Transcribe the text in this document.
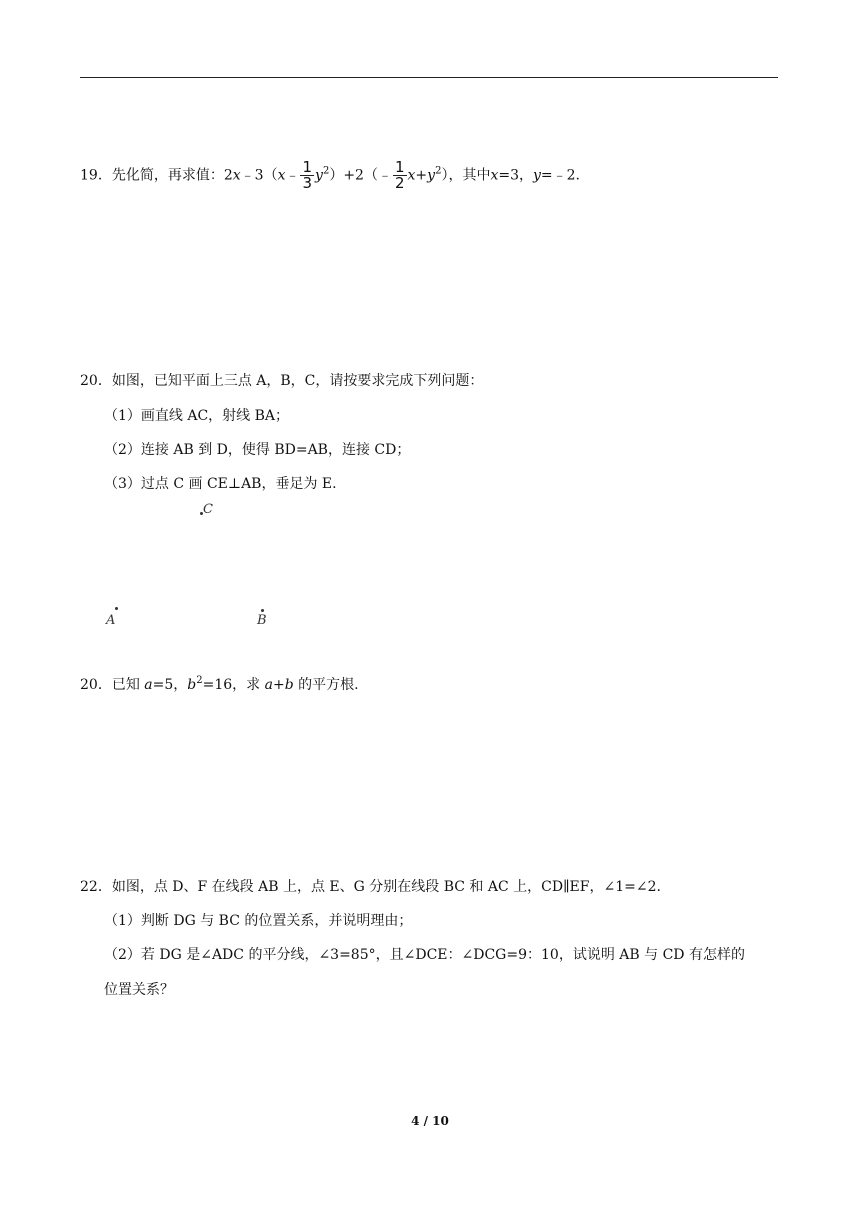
19．先化简，再求值：2x﹣3（x﹣ $\frac{1}{3}$ $y^2)+2(﹣ \frac{1}{2} x+y^2)$，其中x=3，y=﹣2.
20．如图，已知平面上三点 A，B，C，请按要求完成下列问题：
（1）画直线 AC，射线 BA；
（2）连接 AB 到 D，使得 BD=AB，连接 CD；
（3）过点 C 画 CE⊥AB，垂足为 E.
C
A	B
20．已知 a=5，$b^2=16$，求 a+b 的平方根.
22．如图，点 D、F 在线段 AB 上，点 E、G 分别在线段 BC 和 AC 上，CD∥EF，∠1=∠2.
（1）判断 DG 与 BC 的位置关系，并说明理由；
（2）若 DG 是∠ADC 的平分线，∠3=85°，且∠DCE：∠DCG=9：10，试说明 AB 与 CD 有怎样的
位置关系？
4 / 10
